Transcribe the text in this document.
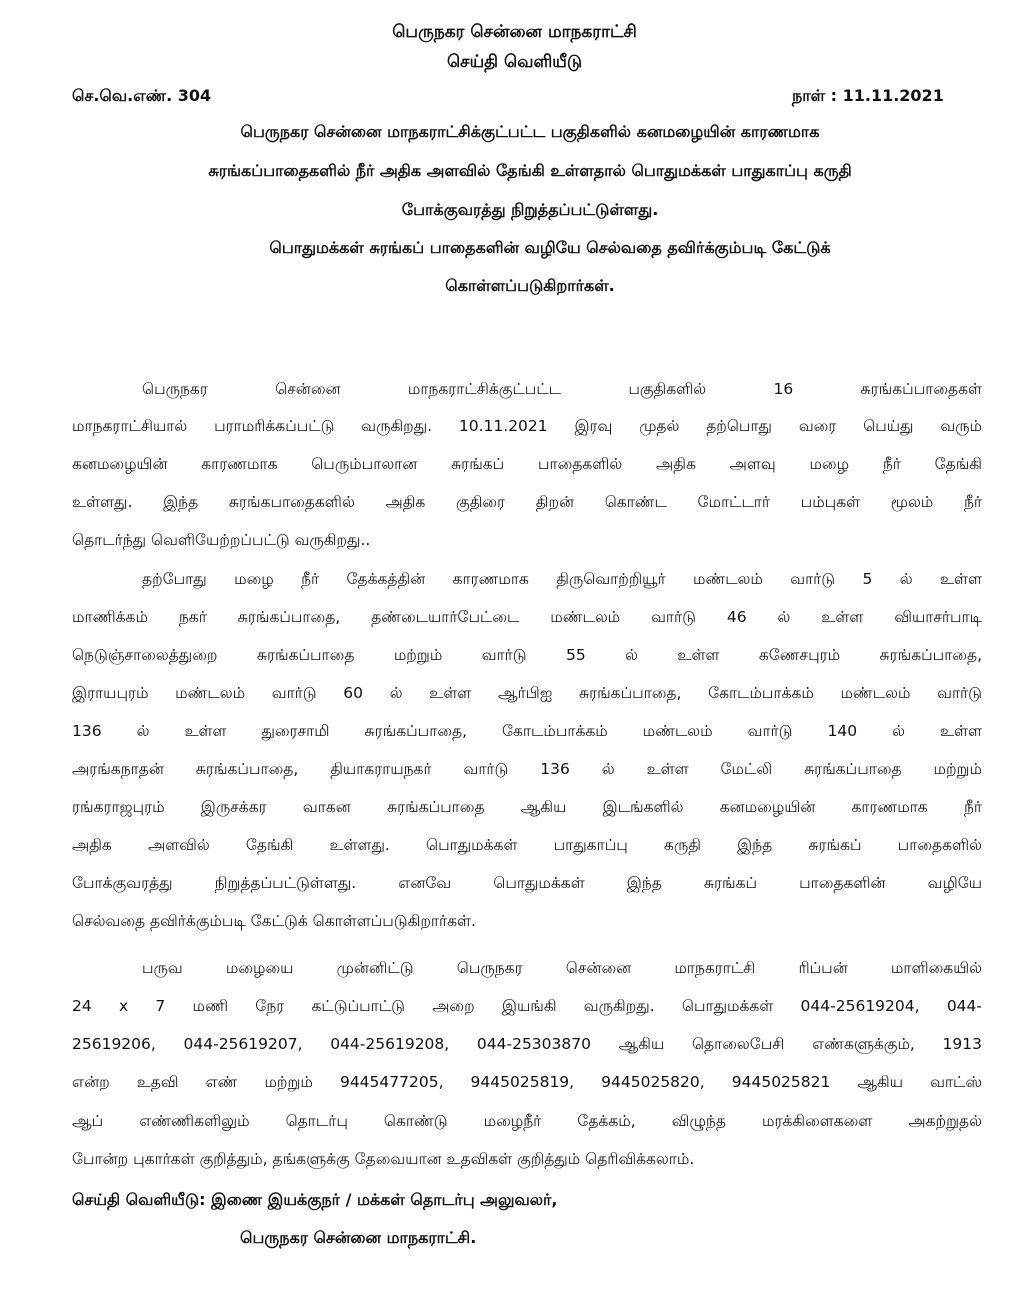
பெருநகர சென்னை மாநகராட்சி
செய்தி வெளியீடு
செ.வெ.எண். 304	நாள் : 11.11.2021
பெருநகர சென்னை மாநகராட்சிக்குட்பட்ட பகுதிகளில் கனமழையின் காரணமாக
சுரங்கப்பாதைகளில் நீர் அதிக அளவில் தேங்கி உள்ளதால் பொதுமக்கள் பாதுகாப்பு கருதி
போக்குவரத்து நிறுத்தப்பட்டுள்ளது.
பொதுமக்கள் சுரங்கப் பாதைகளின் வழியே செல்வதை தவிர்க்கும்படி கேட்டுக்
கொள்ளப்படுகிறார்கள்.
பெருநகர சென்னை மாநகராட்சிக்குட்பட்ட பகுதிகளில் 16 சுரங்கப்பாதைகள்
மாநகராட்சியால் பராமரிக்கப்பட்டு வருகிறது. 10.11.2021 இரவு முதல் தற்பொது வரை பெய்து வரும்
கனமழையின் காரணமாக பெரும்பாலான சுரங்கப் பாதைகளில் அதிக அளவு மழை நீர் தேங்கி
உள்ளது. இந்த சுரங்கபாதைகளில் அதிக குதிரை திறன் கொண்ட மோட்டார் பம்புகள் மூலம் நீர்
தொடர்ந்து வெளியேற்றப்பட்டு வருகிறது..
தற்போது மழை நீர் தேக்கத்தின் காரணமாக திருவொற்றியூர் மண்டலம் வார்டு 5 ல் உள்ள
மாணிக்கம் நகர் சுரங்கப்பாதை, தண்டையார்பேட்டை மண்டலம் வார்டு 46 ல் உள்ள வியாசர்பாடி
நெடுஞ்சாலைத்துறை சுரங்கப்பாதை மற்றும் வார்டு 55 ல் உள்ள கணேசபுரம் சுரங்கப்பாதை,
இராயபுரம் மண்டலம் வார்டு 60 ல் உள்ள ஆர்பிஐ சுரங்கப்பாதை, கோடம்பாக்கம் மண்டலம் வார்டு
136 ல் உள்ள துரைசாமி சுரங்கப்பாதை, கோடம்பாக்கம் மண்டலம் வார்டு 140 ல் உள்ள
அரங்கநாதன் சுரங்கப்பாதை, தியாகராயநகர் வார்டு 136 ல் உள்ள மேட்லி சுரங்கப்பாதை மற்றும்
ரங்கராஜபுரம் இருசக்கர வாகன சுரங்கப்பாதை ஆகிய இடங்களில் கனமழையின் காரணமாக நீர்
அதிக அளவில் தேங்கி உள்ளது. பொதுமக்கள் பாதுகாப்பு கருதி இந்த சுரங்கப் பாதைகளில்
போக்குவரத்து நிறுத்தப்பட்டுள்ளது. எனவே பொதுமக்கள் இந்த சுரங்கப் பாதைகளின் வழியே
செல்வதை தவிர்க்கும்படி கேட்டுக் கொள்ளப்படுகிறார்கள்.
பருவ மழையை முன்னிட்டு பெருநகர சென்னை மாநகராட்சி ரிப்பன் மாளிகையில்
24 x 7 மணி நேர கட்டுப்பாட்டு அறை இயங்கி வருகிறது. பொதுமக்கள் 044-25619204, 044-
25619206, 044-25619207, 044-25619208, 044-25303870 ஆகிய தொலைபேசி எண்களுக்கும், 1913
என்ற உதவி எண் மற்றும் 9445477205, 9445025819, 9445025820, 9445025821 ஆகிய வாட்ஸ்
ஆப் எண்ணிகளிலும் தொடர்பு கொண்டு மழைநீர் தேக்கம், விழுந்த மரக்கிளைகளை அகற்றுதல்
போன்ற புகார்கள் குறித்தும், தங்களுக்கு தேவையான உதவிகள் குறித்தும் தெரிவிக்கலாம்.
செய்தி வெளியீடு: இணை இயக்குநர் / மக்கள் தொடர்பு அலுவலர்,
பெருநகர சென்னை மாநகராட்சி.
